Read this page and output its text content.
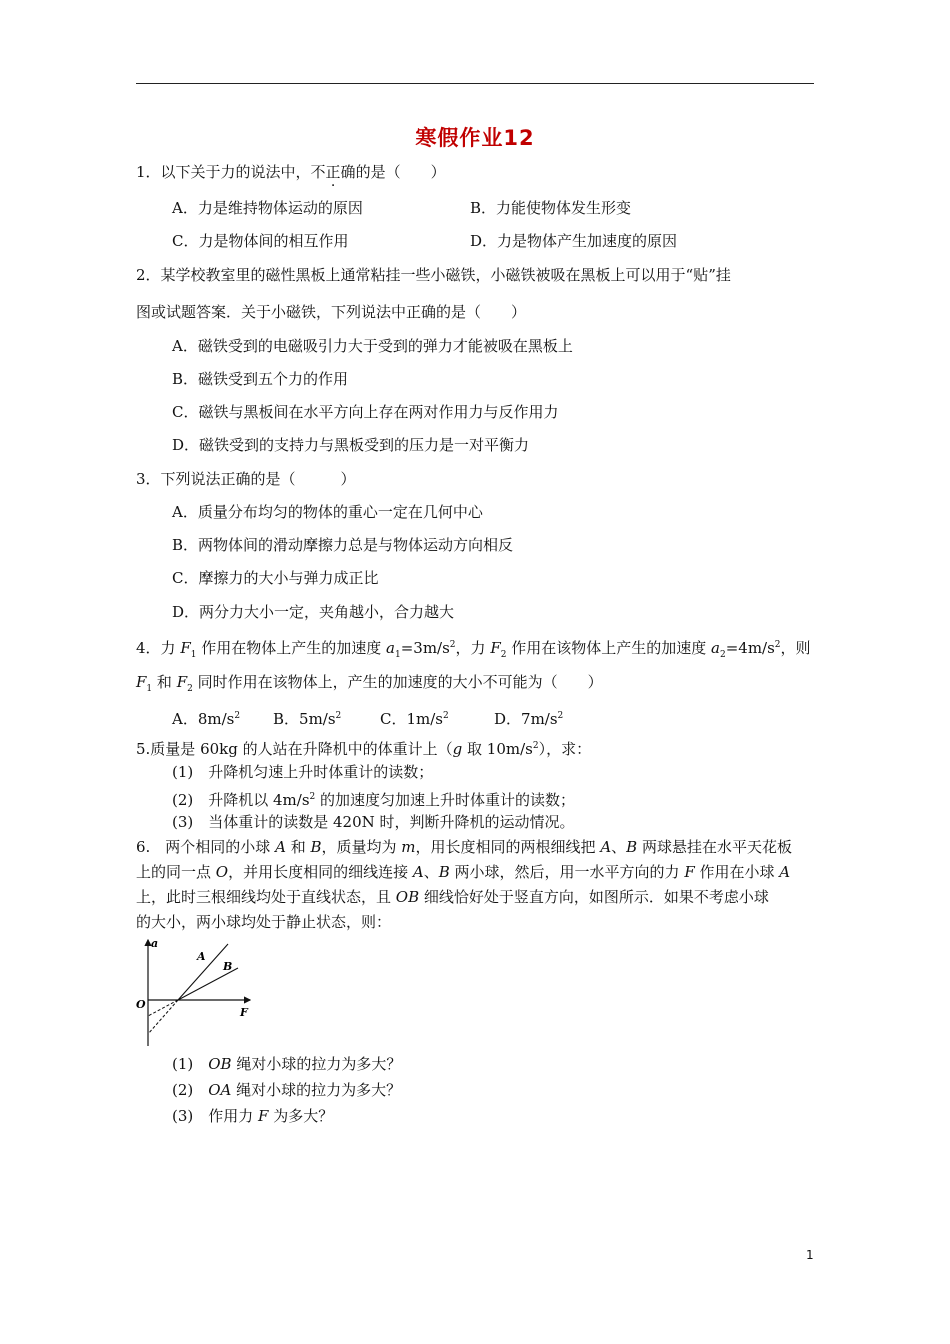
寒假作业12
1．以下关于力的说法中，不正确的是（　　）
A．力是维持物体运动的原因	B．力能使物体发生形变
C．力是物体间的相互作用	D．力是物体产生加速度的原因
2．某学校教室里的磁性黑板上通常粘挂一些小磁铁，小磁铁被吸在黑板上可以用于“贴”挂
图或试题答案．关于小磁铁，下列说法中正确的是（　　）
A．磁铁受到的电磁吸引力大于受到的弹力才能被吸在黑板上
B．磁铁受到五个力的作用
C．磁铁与黑板间在水平方向上存在两对作用力与反作用力
D．磁铁受到的支持力与黑板受到的压力是一对平衡力
3．下列说法正确的是（　　　）
A．质量分布均匀的物体的重心一定在几何中心
B．两物体间的滑动摩擦力总是与物体运动方向相反
C．摩擦力的大小与弹力成正比
D．两分力大小一定，夹角越小，合力越大
4．力 $F_1$ 作用在物体上产生的加速度 $a_1=3m/s^2$，力 $F_2$ 作用在该物体上产生的加速度 $a_2=4m/s^2$，则
$F_1$ 和 $F_2$ 同时作用在该物体上，产生的加速度的大小不可能为（　　）
A．$8m/s^2$ B．$5m/s^2$	C．$1m/s^2$	D．$7m/s^2$
5.质量是 60kg 的人站在升降机中的体重计上（g 取 $10m/s^2$），求：
(1)　升降机匀速上升时体重计的读数；
(2)　升降机以 $4m/s^2$ 的加速度匀加速上升时体重计的读数；
(3)　当体重计的读数是 420N 时，判断升降机的运动情况。
6.　两个相同的小球 A 和 B，质量均为 m，用长度相同的两根细线把 A、B 两球悬挂在水平天花板
上的同一点 O，并用长度相同的细线连接 A、B 两小球，然后，用一水平方向的力 F 作用在小球 A
上，此时三根细线均处于直线状态，且 OB 细线恰好处于竖直方向，如图所示．如果不考虑小球
的大小，两小球均处于静止状态，则：
a
F
O
A
B
(1)　OB 绳对小球的拉力为多大？
(2)　OA 绳对小球的拉力为多大？
(3)　作用力 F 为多大？
1
